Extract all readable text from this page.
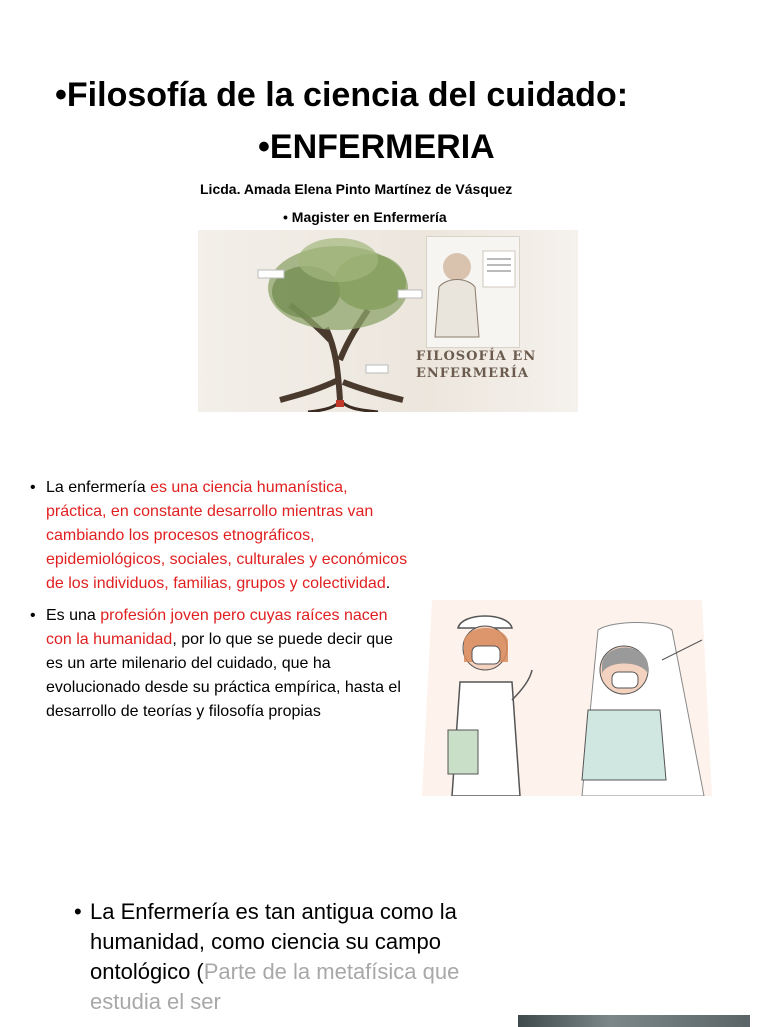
•Filosofía de la ciencia del cuidado:
•ENFERMERIA
Licda. Amada Elena Pinto Martínez de Vásquez
• Magister en Enfermería
FILOSOFÍA EN
ENFERMERÍA
• La enfermería es una ciencia humanística, práctica, en constante desarrollo mientras van cambiando los procesos etnográficos, epidemiológicos, sociales, culturales y económicos de los individuos, familias, grupos y colectividad.
• Es una profesión joven pero cuyas raíces nacen con la humanidad, por lo que se puede decir que es un arte milenario del cuidado, que ha evolucionado desde su práctica empírica, hasta el desarrollo de teorías y filosofía propias
• La Enfermería es tan antigua como la humanidad, como ciencia su campo ontológico (Parte de la metafísica que estudia el ser
